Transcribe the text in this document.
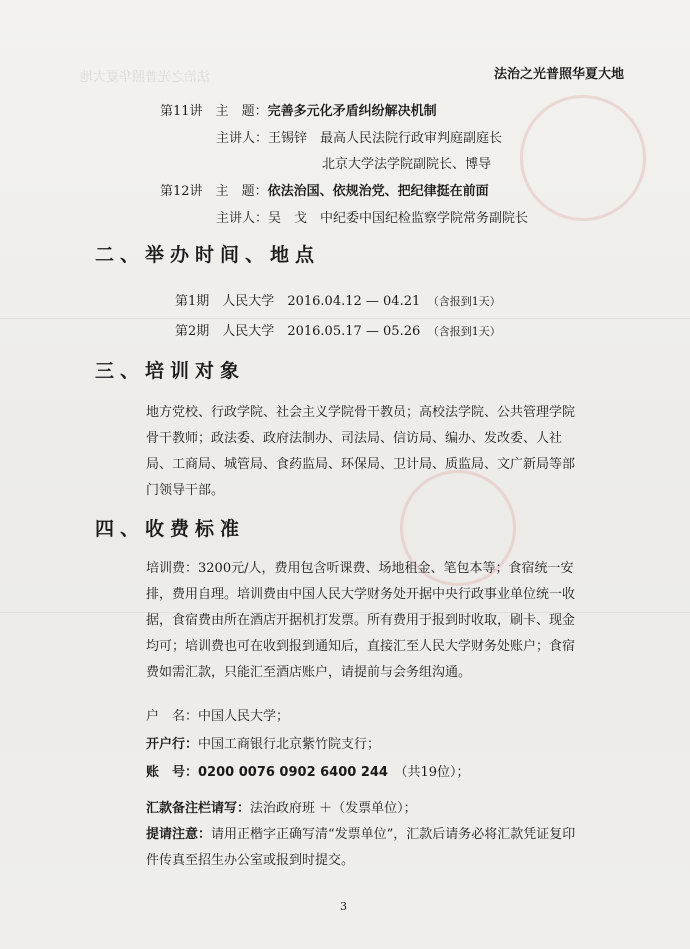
法治之光普照华夏大地	法治之光普照华夏大地
第11讲　 主　题：完善多元化矛盾纠纷解决机制
主讲人：王锡锌　 最高人民法院行政审判庭副庭长
北京大学法学院副院长、博导
第12讲　 主　题：依法治国、依规治党、把纪律挺在前面
主讲人：吴　戈　 中纪委中国纪检监察学院常务副院长
二、举办时间、地点
第1期　 人民大学　 2016.04.12 — 04.21　 （含报到1天）
第2期　 人民大学　 2016.05.17 — 05.26　 （含报到1天）
三、培训对象
地方党校、行政学院、社会主义学院骨干教员；高校法学院、公共管理学院骨干教师；政法委、政府法制办、司法局、信访局、编办、发改委、人社局、工商局、城管局、食药监局、环保局、卫计局、质监局、文广新局等部门领导干部。
四、收费标准
培训费：3200元/人，费用包含听课费、场地租金、笔包本等；食宿统一安排，费用自理。培训费由中国人民大学财务处开据中央行政事业单位统一收据，食宿费由所在酒店开据机打发票。所有费用于报到时收取，刷卡、现金均可；培训费也可在收到报到通知后，直接汇至人民大学财务处账户；食宿费如需汇款，只能汇至酒店账户，请提前与会务组沟通。
户　名：中国人民大学；
开户行：中国工商银行北京紫竹院支行；
账　号：0200 0076 0902 6400 244　 （共19位）；
汇款备注栏请写：法治政府班 ＋（发票单位）；
提请注意：请用正楷字正确写清“发票单位”，汇款后请务必将汇款凭证复印件传真至招生办公室或报到时提交。
3
